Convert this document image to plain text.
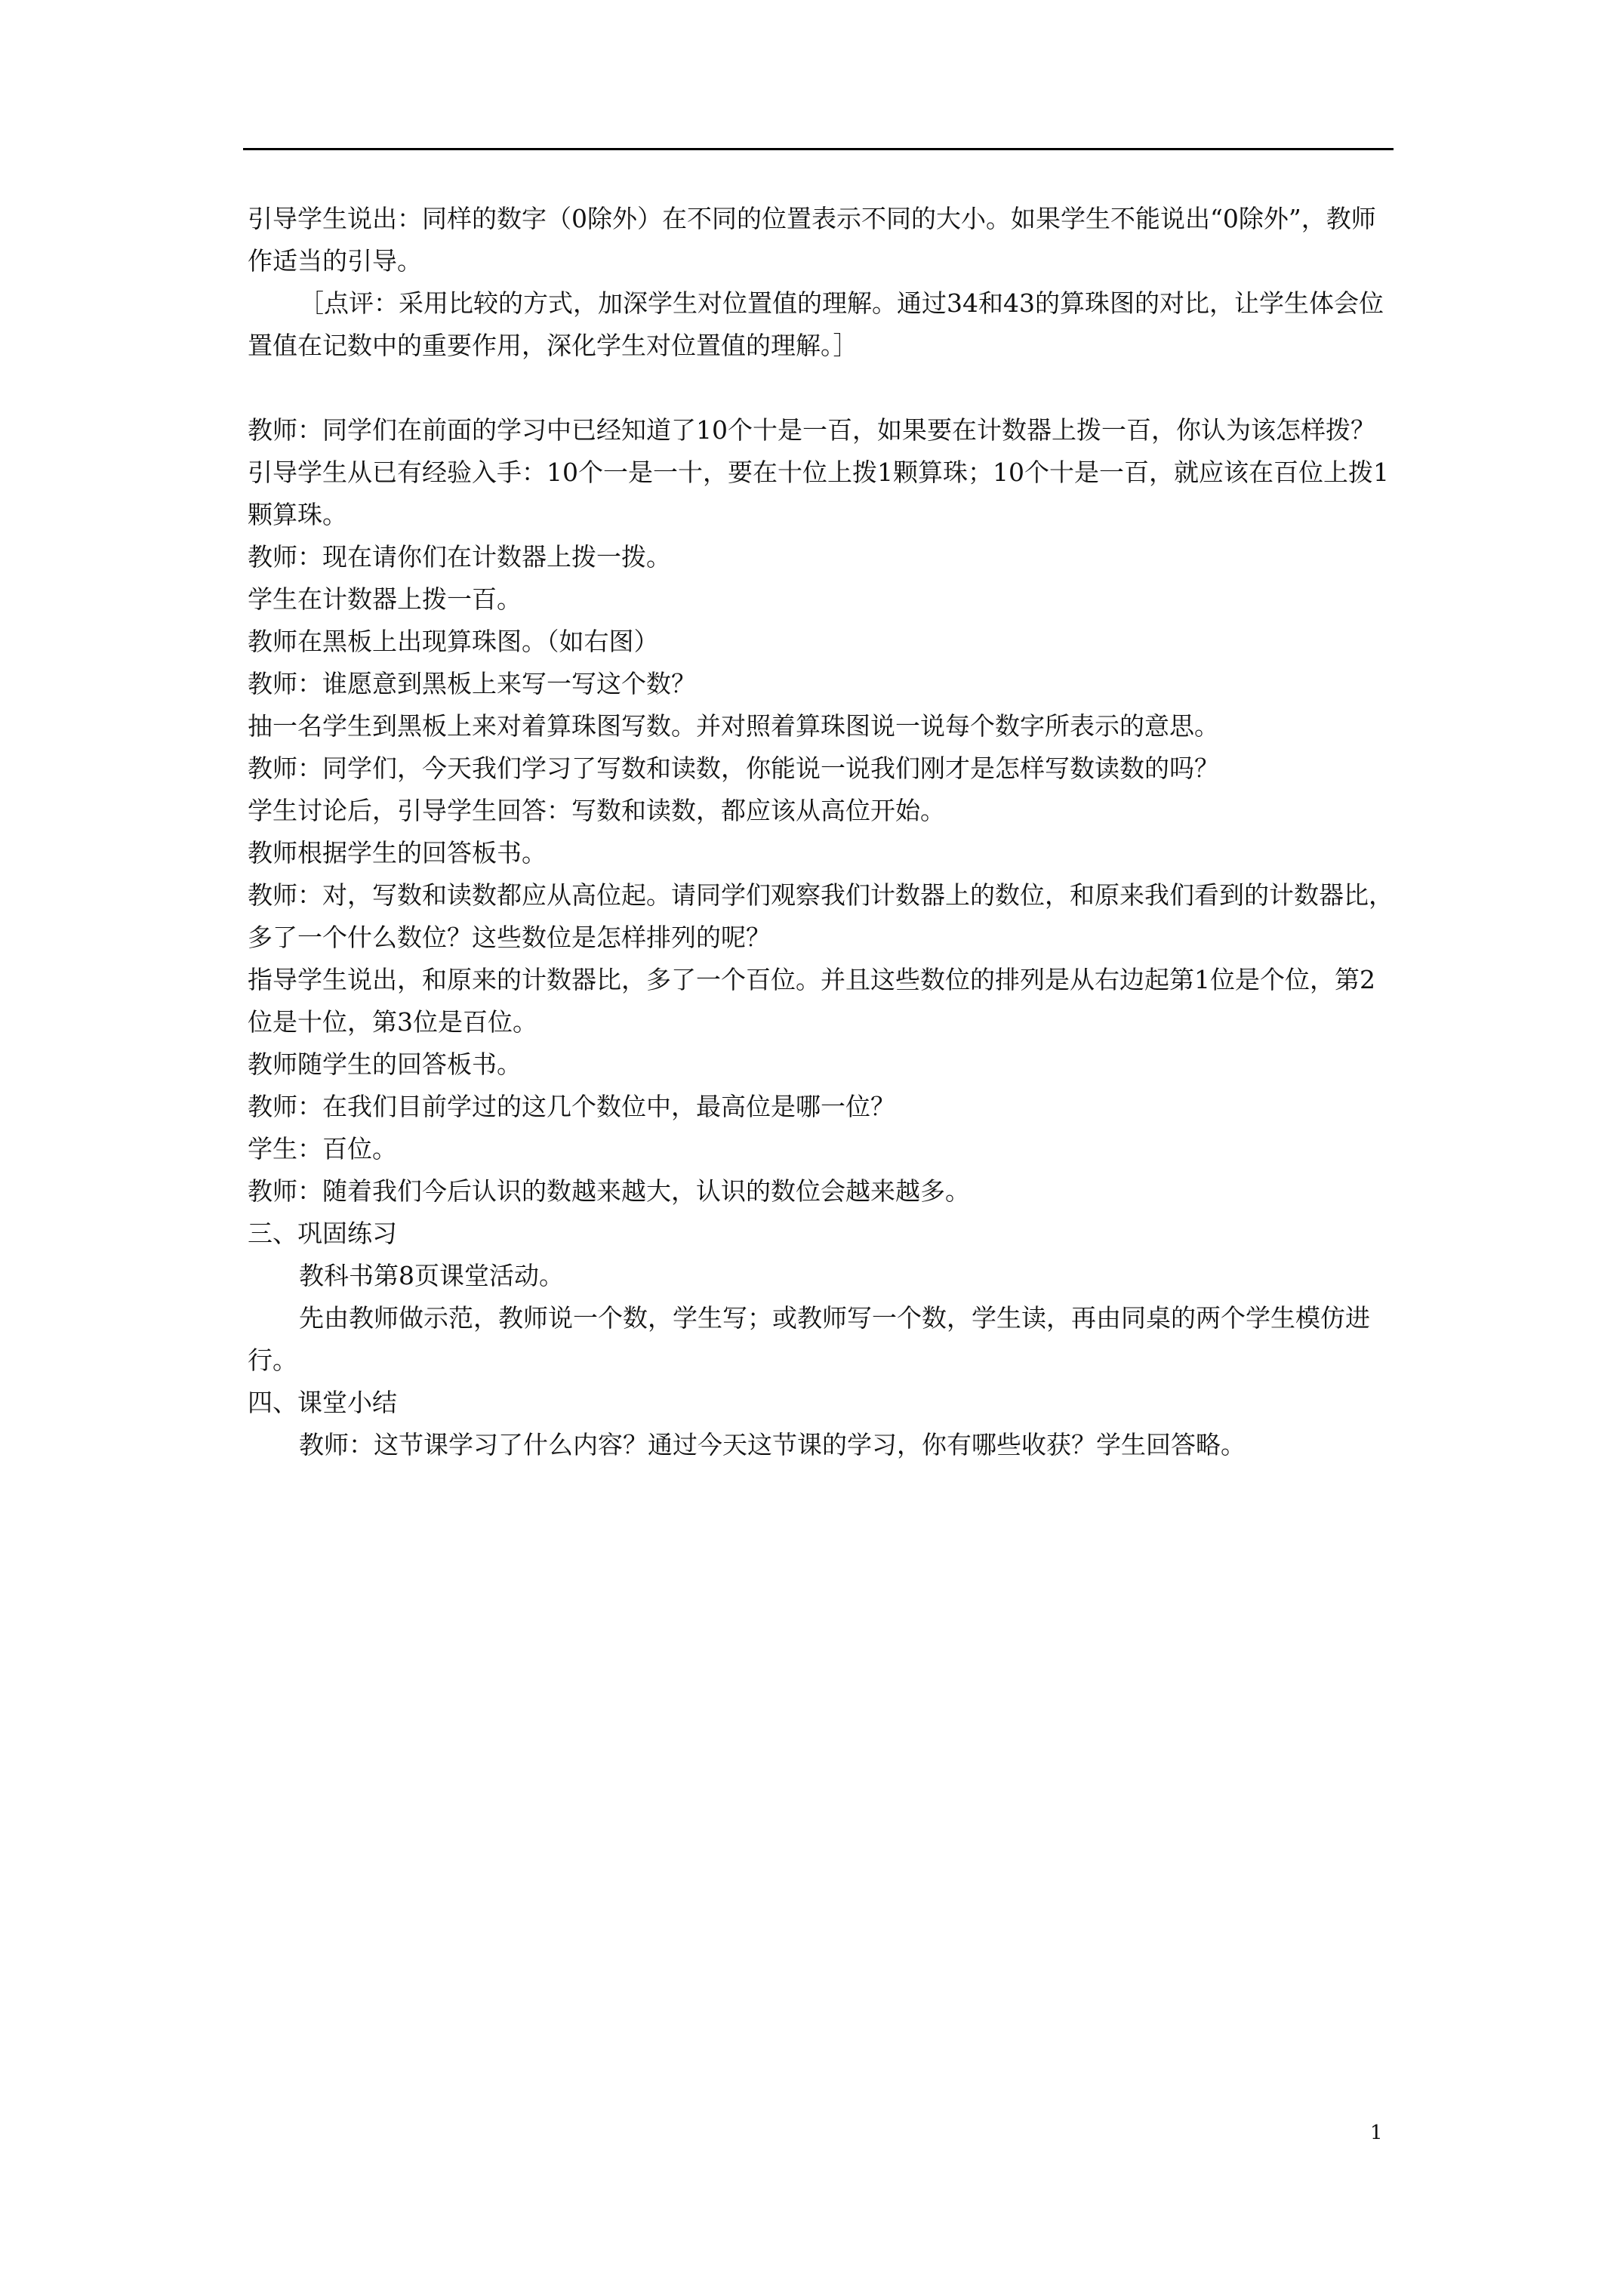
引导学生说出：同样的数字（0除外）在不同的位置表示不同的大小。如果学生不能说出“0除外”，教师作适当的引导。

［点评：采用比较的方式，加深学生对位置值的理解。通过34和43的算珠图的对比，让学生体会位置值在记数中的重要作用，深化学生对位置值的理解。］

教师：同学们在前面的学习中已经知道了10个十是一百，如果要在计数器上拨一百，你认为该怎样拨？

引导学生从已有经验入手：10个一是一十，要在十位上拨1颗算珠；10个十是一百，就应该在百位上拨1颗算珠。

教师：现在请你们在计数器上拨一拨。

学生在计数器上拨一百。

教师在黑板上出现算珠图。（如右图）

教师：谁愿意到黑板上来写一写这个数？

抽一名学生到黑板上来对着算珠图写数。并对照着算珠图说一说每个数字所表示的意思。

教师：同学们，今天我们学习了写数和读数，你能说一说我们刚才是怎样写数读数的吗？

学生讨论后，引导学生回答：写数和读数，都应该从高位开始。

教师根据学生的回答板书。

教师：对，写数和读数都应从高位起。请同学们观察我们计数器上的数位，和原来我们看到的计数器比，多了一个什么数位？这些数位是怎样排列的呢？

指导学生说出，和原来的计数器比，多了一个百位。并且这些数位的排列是从右边起第1位是个位，第2位是十位，第3位是百位。

教师随学生的回答板书。

教师：在我们目前学过的这几个数位中，最高位是哪一位？

学生：百位。

教师：随着我们今后认识的数越来越大，认识的数位会越来越多。

三、巩固练习

教科书第8页课堂活动。

先由教师做示范，教师说一个数，学生写；或教师写一个数，学生读，再由同桌的两个学生模仿进行。

四、课堂小结

教师：这节课学习了什么内容？通过今天这节课的学习，你有哪些收获？学生回答略。

1
